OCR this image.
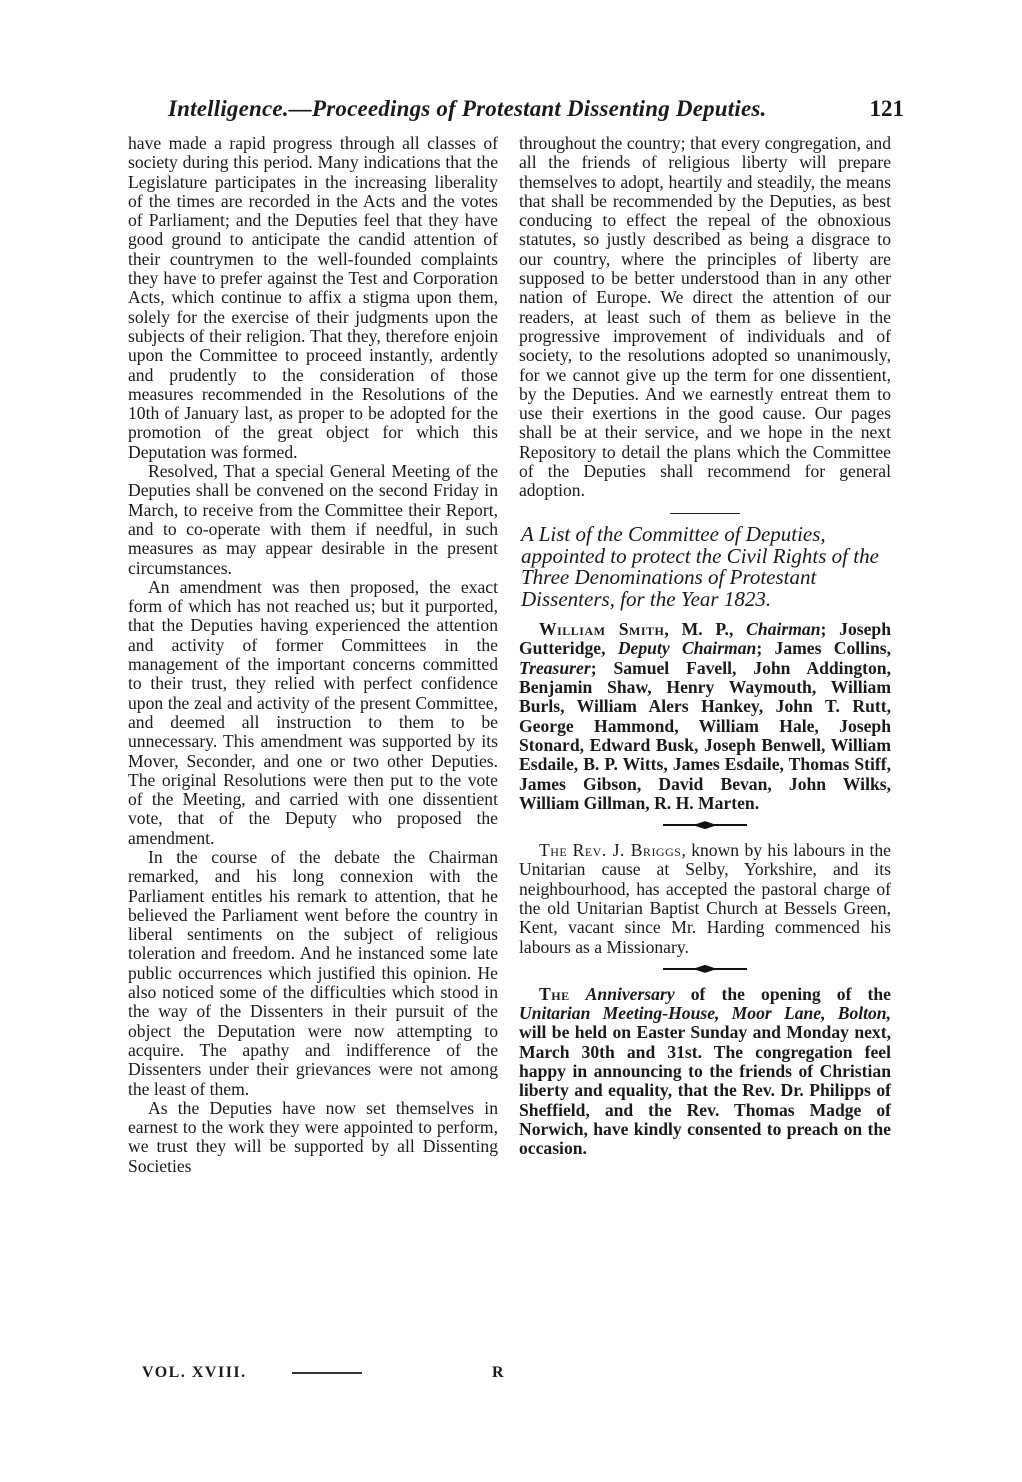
Intelligence.—Proceedings of Protestant Dissenting Deputies.	121

have made a rapid progress through all classes of society during this period. Many indications that the Legislature participates in the increasing liberality of the times are recorded in the Acts and the votes of Parliament; and the Deputies feel that they have good ground to anticipate the candid attention of their countrymen to the well-founded complaints they have to prefer against the Test and Corporation Acts, which continue to affix a stigma upon them, solely for the exercise of their judgments upon the subjects of their religion. That they, therefore enjoin upon the Committee to proceed instantly, ardently and prudently to the consideration of those measures recommended in the Resolutions of the 10th of January last, as proper to be adopted for the promotion of the great object for which this Deputation was formed.

Resolved, That a special General Meeting of the Deputies shall be convened on the second Friday in March, to receive from the Committee their Report, and to co-operate with them if needful, in such measures as may appear desirable in the present circumstances.

An amendment was then proposed, the exact form of which has not reached us; but it purported, that the Deputies having experienced the attention and activity of former Committees in the management of the important concerns committed to their trust, they relied with perfect confidence upon the zeal and activity of the present Committee, and deemed all instruction to them to be unnecessary. This amendment was supported by its Mover, Seconder, and one or two other Deputies. The original Resolutions were then put to the vote of the Meeting, and carried with one dissentient vote, that of the Deputy who proposed the amendment.

In the course of the debate the Chairman remarked, and his long connexion with the Parliament entitles his remark to attention, that he believed the Parliament went before the country in liberal sentiments on the subject of religious toleration and freedom. And he instanced some late public occurrences which justified this opinion. He also noticed some of the difficulties which stood in the way of the Dissenters in their pursuit of the object the Deputation were now attempting to acquire. The apathy and indifference of the Dissenters under their grievances were not among the least of them.

As the Deputies have now set themselves in earnest to the work they were appointed to perform, we trust they will be supported by all Dissenting Societies

throughout the country; that every congregation, and all the friends of religious liberty will prepare themselves to adopt, heartily and steadily, the means that shall be recommended by the Deputies, as best conducing to effect the repeal of the obnoxious statutes, so justly described as being a disgrace to our country, where the principles of liberty are supposed to be better understood than in any other nation of Europe. We direct the attention of our readers, at least such of them as believe in the progressive improvement of individuals and of society, to the resolutions adopted so unanimously, for we cannot give up the term for one dissentient, by the Deputies. And we earnestly entreat them to use their exertions in the good cause. Our pages shall be at their service, and we hope in the next Repository to detail the plans which the Committee of the Deputies shall recommend for general adoption.

A List of the Committee of Deputies, appointed to protect the Civil Rights of the Three Denominations of Protestant Dissenters, for the Year 1823.

William Smith, M. P., Chairman; Joseph Gutteridge, Deputy Chairman; James Collins, Treasurer; Samuel Favell, John Addington, Benjamin Shaw, Henry Waymouth, William Burls, William Alers Hankey, John T. Rutt, George Hammond, William Hale, Joseph Stonard, Edward Busk, Joseph Benwell, William Esdaile, B. P. Witts, James Esdaile, Thomas Stiff, James Gibson, David Bevan, John Wilks, William Gillman, R. H. Marten.

The Rev. J. Briggs, known by his labours in the Unitarian cause at Selby, Yorkshire, and its neighbourhood, has accepted the pastoral charge of the old Unitarian Baptist Church at Bessels Green, Kent, vacant since Mr. Harding commenced his labours as a Missionary.

The Anniversary of the opening of the Unitarian Meeting-House, Moor Lane, Bolton, will be held on Easter Sunday and Monday next, March 30th and 31st. The congregation feel happy in announcing to the friends of Christian liberty and equality, that the Rev. Dr. Philipps of Sheffield, and the Rev. Thomas Madge of Norwich, have kindly consented to preach on the occasion.

VOL. XVIII.	R
